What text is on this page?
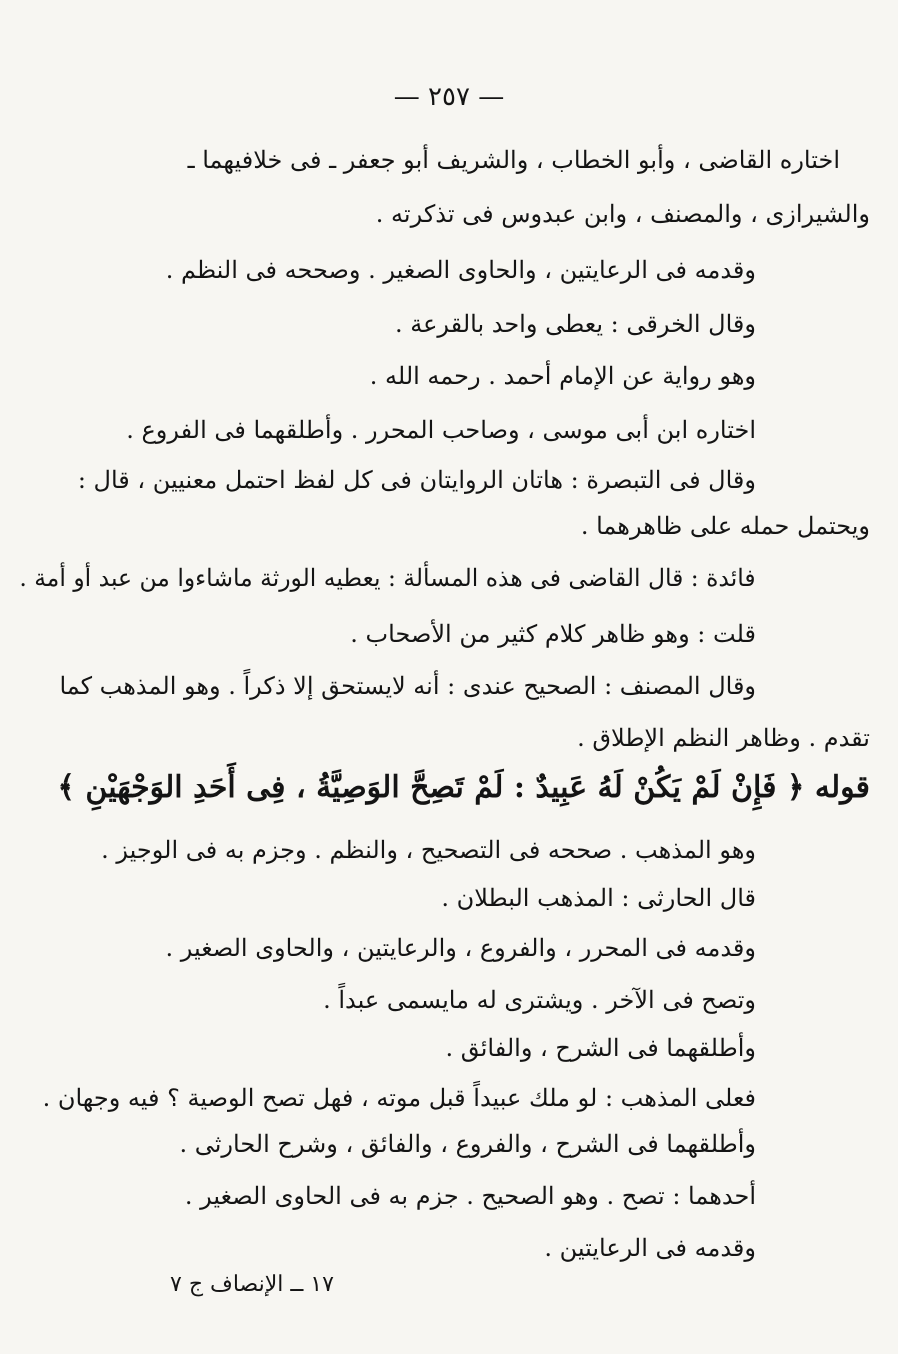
— ٢٥٧ —
اختاره القاضى ، وأبو الخطاب ، والشريف أبو جعفر ـ فى خلافيهما ـ
والشيرازى ، والمصنف ، وابن عبدوس فى تذكرته .
وقدمه فى الرعايتين ، والحاوى الصغير . وصححه فى النظم .
وقال الخرقى : يعطى واحد بالقرعة .
وهو رواية عن الإمام أحمد . رحمه الله .
اختاره ابن أبى موسى ، وصاحب المحرر . وأطلقهما فى الفروع .
وقال فى التبصرة : هاتان الروايتان فى كل لفظ احتمل معنيين ، قال :
ويحتمل حمله على ظاهرهما .
فائدة : قال القاضى فى هذه المسألة : يعطيه الورثة ماشاءوا من عبد أو أمة .
قلت : وهو ظاهر كلام كثير من الأصحاب .
وقال المصنف : الصحيح عندى : أنه لايستحق إلا ذكراً . وهو المذهب كما
تقدم . وظاهر النظم الإطلاق .
قوله ﴿ فَإِنْ لَمْ يَكُنْ لَهُ عَبِيدٌ : لَمْ تَصِحَّ الوَصِيَّةُ ، فِى أَحَدِ الوَجْهَيْنِ ﴾
وهو المذهب . صححه فى التصحيح ، والنظم . وجزم به فى الوجيز .
قال الحارثى : المذهب البطلان .
وقدمه فى المحرر ، والفروع ، والرعايتين ، والحاوى الصغير .
وتصح فى الآخر . ويشترى له مايسمى عبداً .
وأطلقهما فى الشرح ، والفائق .
فعلى المذهب : لو ملك عبيداً قبل موته ، فهل تصح الوصية ؟ فيه وجهان .
وأطلقهما فى الشرح ، والفروع ، والفائق ، وشرح الحارثى .
أحدهما : تصح . وهو الصحيح . جزم به فى الحاوى الصغير .
وقدمه فى الرعايتين .
١٧ ــ الإنصاف ج ٧
